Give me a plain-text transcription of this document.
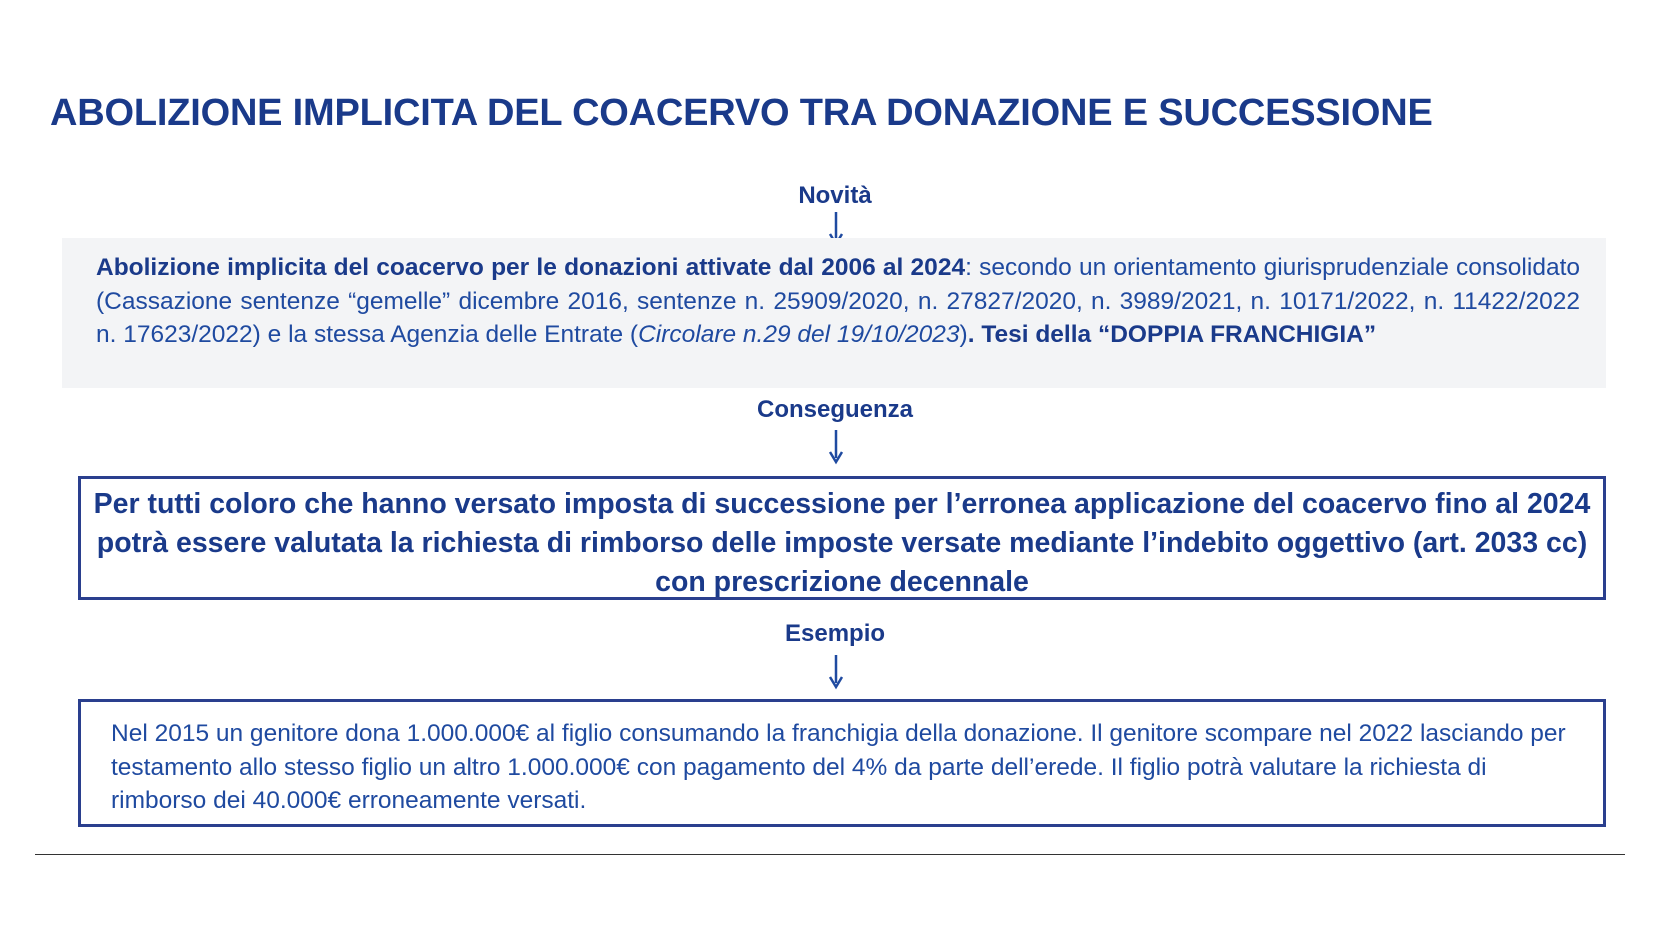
ABOLIZIONE IMPLICITA DEL COACERVO TRA DONAZIONE E SUCCESSIONE
Novità
Abolizione implicita del coacervo per le donazioni attivate dal 2006 al 2024: secondo un orientamento giurisprudenziale consolidato (Cassazione sentenze “gemelle” dicembre 2016, sentenze n. 25909/2020, n. 27827/2020, n. 3989/2021, n. 10171/2022, n. 11422/2022 n. 17623/2022) e la stessa Agenzia delle Entrate (Circolare n.29 del 19/10/2023). Tesi della “DOPPIA FRANCHIGIA”
Conseguenza
Per tutti coloro che hanno versato imposta di successione per l’erronea applicazione del coacervo fino al 2024 potrà essere valutata la richiesta di rimborso delle imposte versate mediante l’indebito oggettivo (art. 2033 cc) con prescrizione decennale
Esempio
Nel 2015 un genitore dona 1.000.000€ al figlio consumando la franchigia della donazione. Il genitore scompare nel 2022 lasciando per testamento allo stesso figlio un altro 1.000.000€ con pagamento del 4% da parte dell’erede. Il figlio potrà valutare la richiesta di rimborso dei 40.000€ erroneamente versati.
